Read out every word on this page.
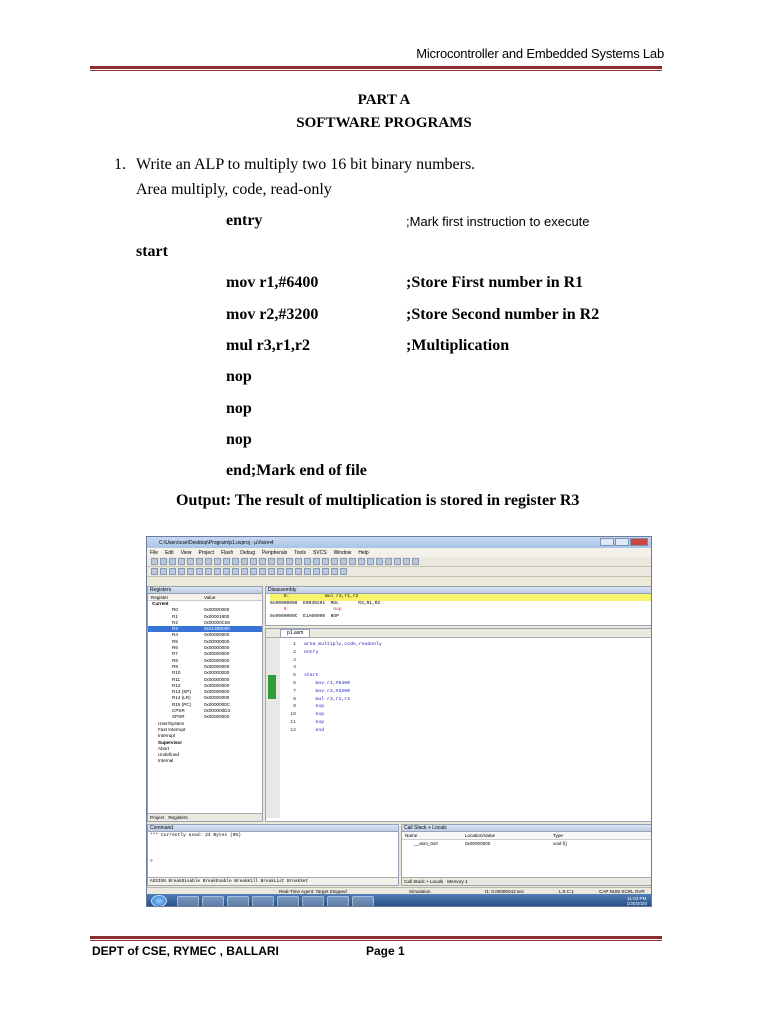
Microcontroller and Embedded Systems Lab
PART A
SOFTWARE PROGRAMS
1. Write an ALP to multiply two 16 bit binary numbers.
Area multiply, code, read-only
entry	;Mark first instruction to execute
start
mov r1,#6400	;Store First number in R1
mov r2,#3200	;Store Second number in R2
mul r3,r1,r2	;Multiplication
nop
nop
nop
end;Mark end of file
Output: The result of multiplication is stored in register R3
C:\Users\cse\Desktop\Program\p1.uvproj - µVision4
File Edit View Project Flash Debug Peripherals Tools SVCS Window Help
Registers
Register	Value
Current
R0	0x00000000
R1	0x00001900
R2	0x00000C80
R3	0x0138B000
R4	0x00000000
R5	0x00000000
R6	0x00000000
R7	0x00000000
R8	0x00000000
R9	0x00000000
R10	0x00000000
R11	0x00000000
R12	0x00000000
R13 (SP)	0x00000000
R14 (LR)	0x00000000
R15 (PC)	0x0000000C
CPSR	0x000000D3
SPSR	0x00000000
User/System
Fast Interrupt
Interrupt
Supervisor
Abort
Undefined
Internal
Project Registers
Disassembly
5:             mul r3,r1,r2
0x00000008  E0030291  MUL       R3,R1,R2
9:                nop
0x0000000C  E1A00000  NOP
p1.asm
1	area multiply,code,readonly
2	entry
3
4
5	start
6	mov r1,#6400
7	mov r2,#3200
8	mul r3,r1,r2
9	nop
10	nop
11	nop
12	end
Command
*** Currently used: 24 Bytes (0%)
>
ASSIGN BreakDisable BreakEnable BreakKill BreakList BreakSet
Call Stack + Locals
Name	Location/Value	Type
__asm_0x0	0x00000000	void f()
Call Stack + Locals Memory 1
Real-Time Agent: Target Stopped	Simulation	t1: 0.00000042 sec	L:9 C:1	CAP NUM SCRL OVR
11:03 PM
1/30/2020
DEPT of CSE, RYMEC , BALLARI	Page 1
